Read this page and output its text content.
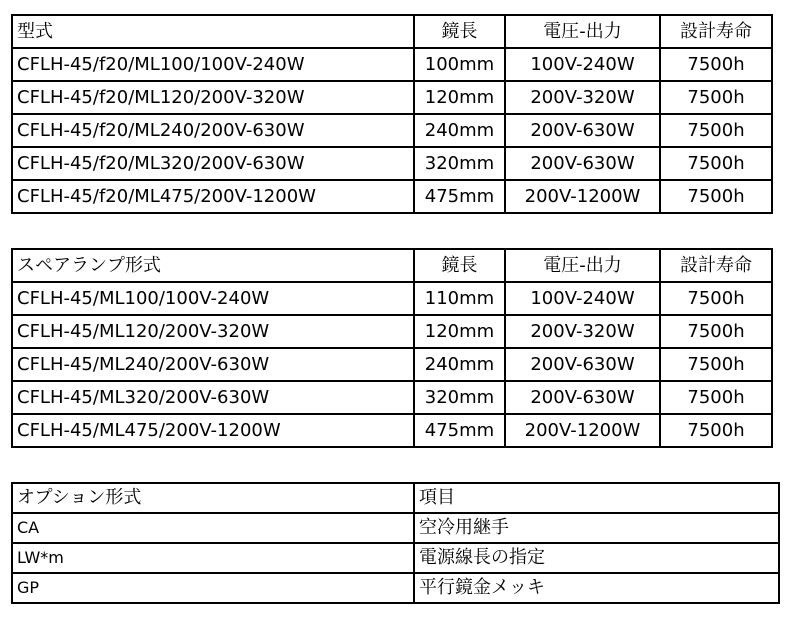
型式	鏡長	電圧-出力	設計寿命
CFLH-45/f20/ML100/100V-240W	100mm	100V-240W	7500h
CFLH-45/f20/ML120/200V-320W	120mm	200V-320W	7500h
CFLH-45/f20/ML240/200V-630W	240mm	200V-630W	7500h
CFLH-45/f20/ML320/200V-630W	320mm	200V-630W	7500h
CFLH-45/f20/ML475/200V-1200W	475mm	200V-1200W	7500h
スペアランプ形式	鏡長	電圧-出力	設計寿命
CFLH-45/ML100/100V-240W	110mm	100V-240W	7500h
CFLH-45/ML120/200V-320W	120mm	200V-320W	7500h
CFLH-45/ML240/200V-630W	240mm	200V-630W	7500h
CFLH-45/ML320/200V-630W	320mm	200V-630W	7500h
CFLH-45/ML475/200V-1200W	475mm	200V-1200W	7500h
オプション形式	項目
CA	空冷用継手
LW*m	電源線長の指定
GP	平行鏡金メッキ
